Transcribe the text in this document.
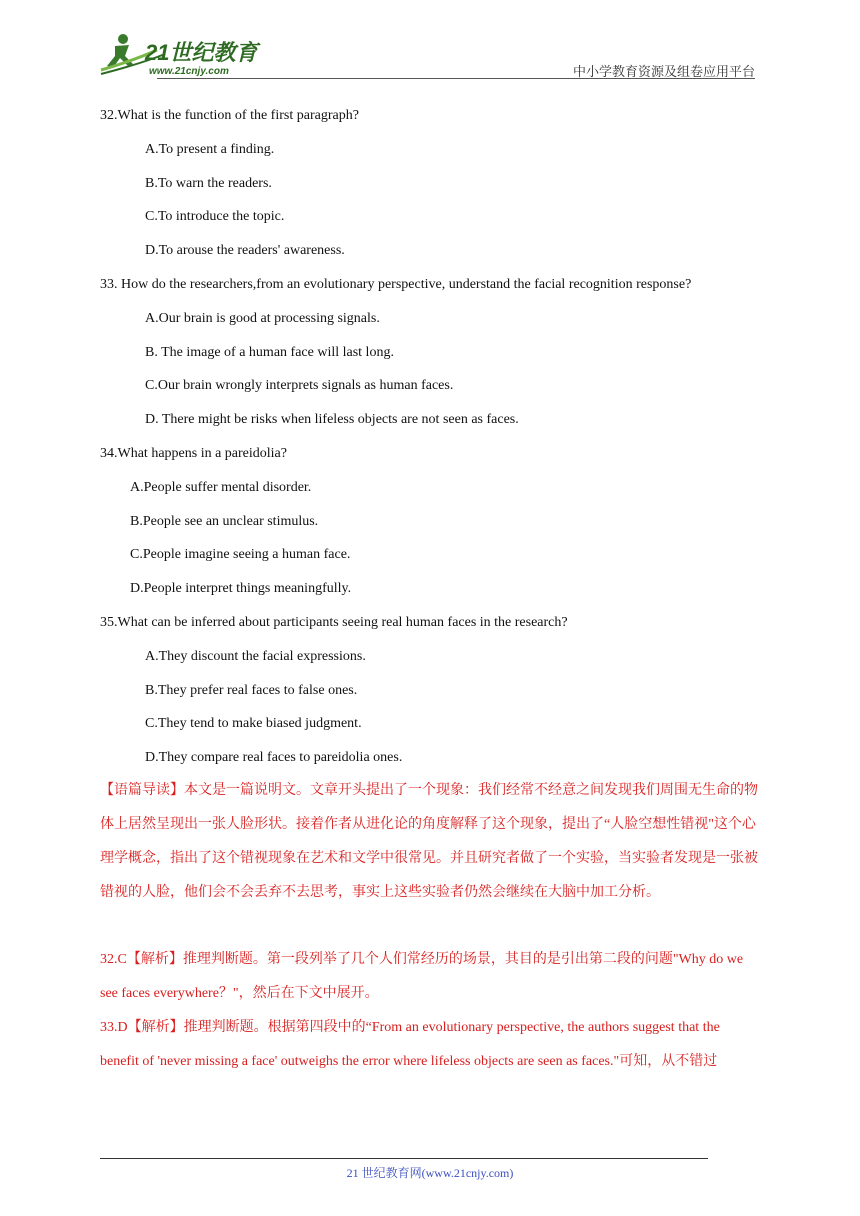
21世纪教育
www.21cnjy.com	中小学教育资源及组卷应用平台
32.What is the function of the first paragraph?
A.To present a finding.
B.To warn the readers.
C.To introduce the topic.
D.To arouse the readers' awareness.
33. How do the researchers,from an evolutionary perspective, understand the facial recognition response?
A.Our brain is good at processing signals.
B. The image of a human face will last long.
C.Our brain wrongly interprets signals as human faces.
D. There might be risks when lifeless objects are not seen as faces.
34.What happens in a pareidolia?
A.People suffer mental disorder.
B.People see an unclear stimulus.
C.People imagine seeing a human face.
D.People interpret things meaningfully.
35.What can be inferred about participants seeing real human faces in the research?
A.They discount the facial expressions.
B.They prefer real faces to false ones.
C.They tend to make biased judgment.
D.They compare real faces to pareidolia ones.
【语篇导读】本文是一篇说明文。文章开头提出了一个现象：我们经常不经意之间发现我们周围无生命的物体上居然呈现出一张人脸形状。接着作者从进化论的角度解释了这个现象，提出了“人脸空想性错视"这个心理学概念，指出了这个错视现象在艺术和文学中很常见。并且研究者做了一个实验，当实验者发现是一张被错视的人脸，他们会不会丢弃不去思考，事实上这些实验者仍然会继续在大脑中加工分析。
32.C【解析】推理判断题。第一段列举了几个人们常经历的场景，其目的是引出第二段的问题"Why do we see faces everywhere？"，然后在下文中展开。
33.D【解析】推理判断题。根据第四段中的“From an evolutionary perspective, the authors suggest that the benefit of 'never missing a face' outweighs the error where lifeless objects are seen as faces."可知，从不错过
21 世纪教育网(www.21cnjy.com)
